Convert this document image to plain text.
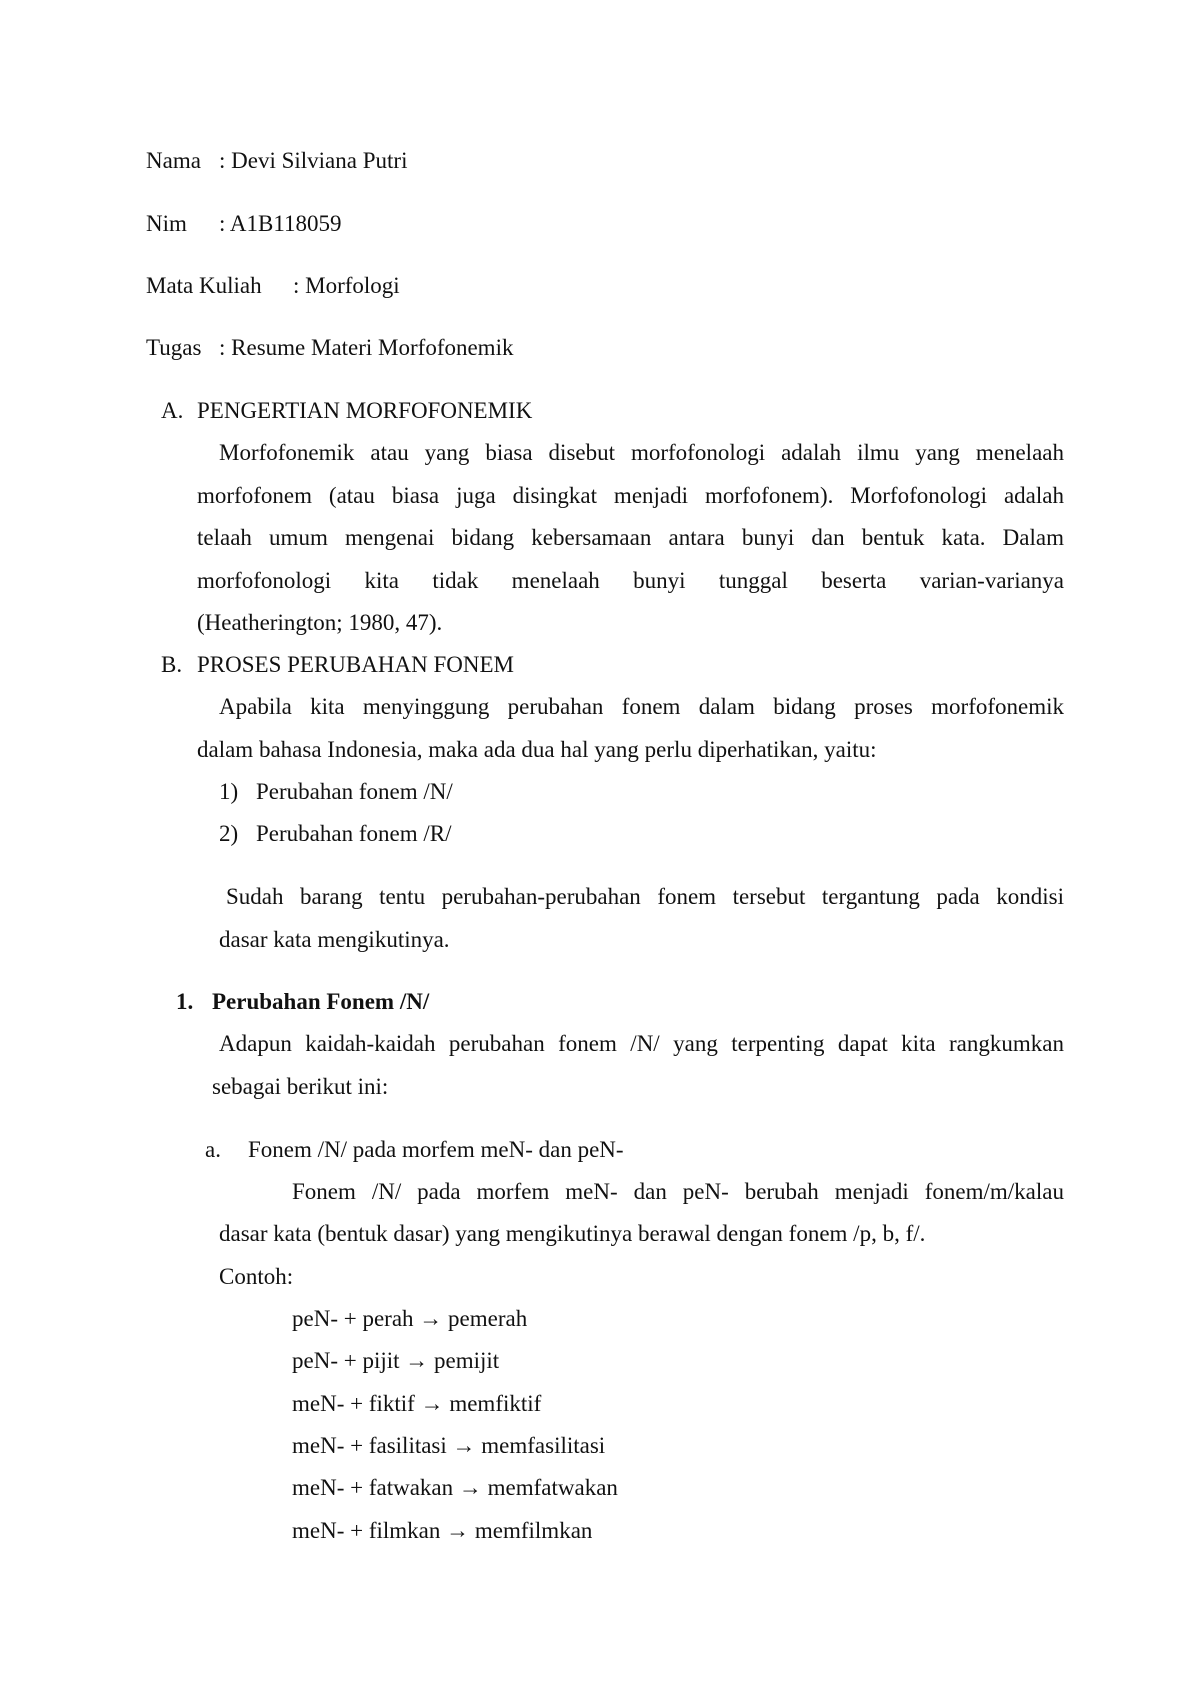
Nama : Devi Silviana Putri
Nim : A1B118059
Mata Kuliah : Morfologi
Tugas : Resume Materi Morfofonemik
A. PENGERTIAN MORFOFONEMIK
Morfofonemik atau yang biasa disebut morfofonologi adalah ilmu yang menelaah
morfofonem (atau biasa juga disingkat menjadi morfofonem). Morfofonologi adalah
telaah umum mengenai bidang kebersamaan antara bunyi dan bentuk kata. Dalam
morfofonologi kita tidak menelaah bunyi tunggal beserta varian-varianya
(Heatherington; 1980, 47).
B. PROSES PERUBAHAN FONEM
Apabila kita menyinggung perubahan fonem dalam bidang proses morfofonemik
dalam bahasa Indonesia, maka ada dua hal yang perlu diperhatikan, yaitu:
1) Perubahan fonem /N/
2) Perubahan fonem /R/
Sudah barang tentu perubahan-perubahan fonem tersebut tergantung pada kondisi
dasar kata mengikutinya.
1. Perubahan Fonem /N/
Adapun kaidah-kaidah perubahan fonem /N/ yang terpenting dapat kita rangkumkan
sebagai berikut ini:
a. Fonem /N/ pada morfem meN- dan peN-
Fonem /N/ pada morfem meN- dan peN- berubah menjadi fonem/m/kalau
dasar kata (bentuk dasar) yang mengikutinya berawal dengan fonem /p, b, f/.
Contoh:
peN- + perah → pemerah
peN- + pijit → pemijit
meN- + fiktif → memfiktif
meN- + fasilitasi → memfasilitasi
meN- + fatwakan → memfatwakan
meN- + filmkan → memfilmkan
